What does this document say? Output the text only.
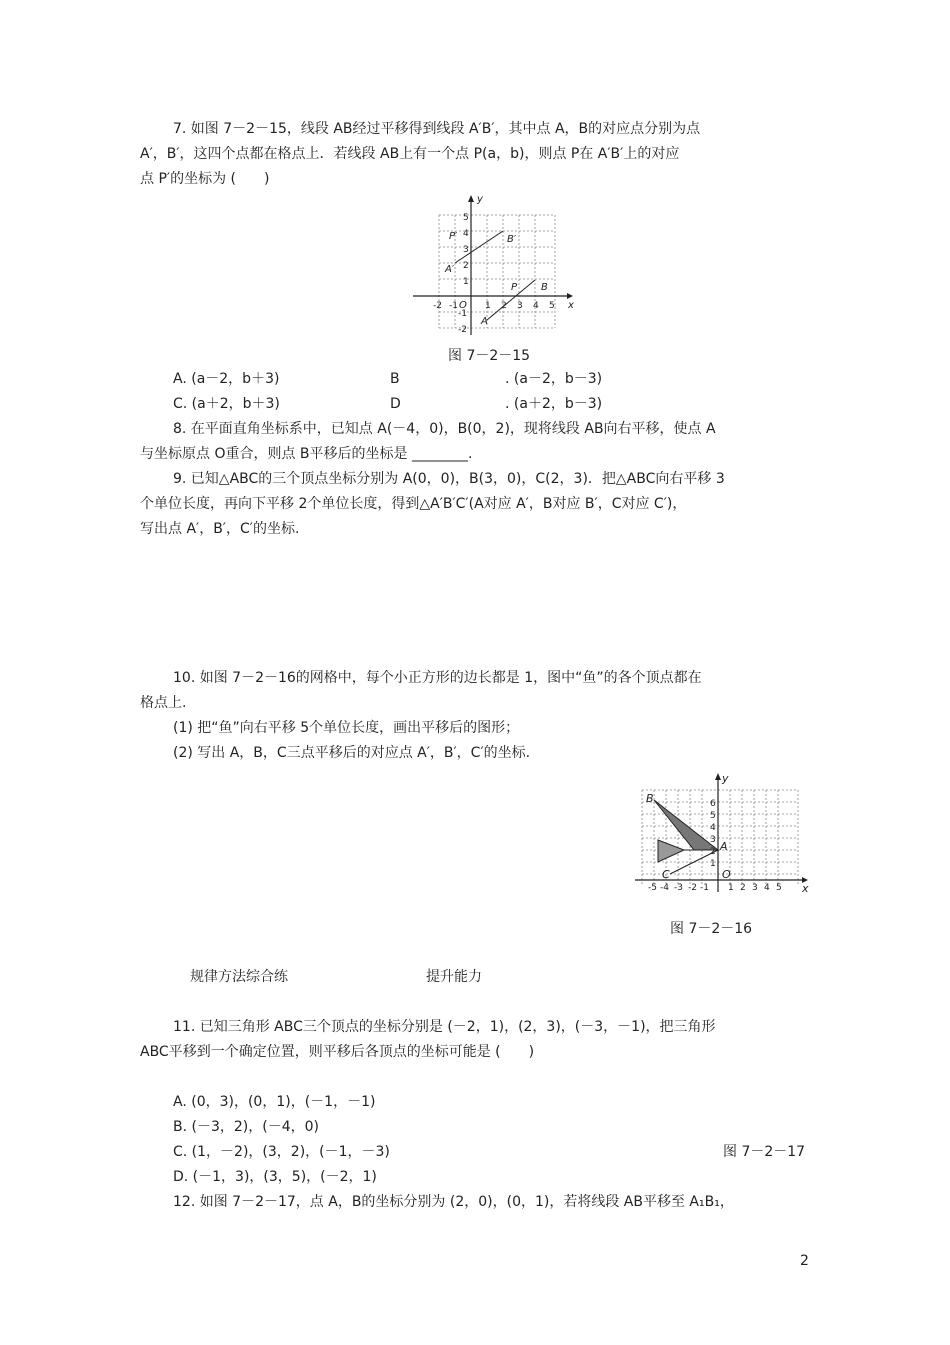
7. 如图 7－2－15，线段 AB经过平移得到线段 A′B′，其中点 A，B的对应点分别为点
A′，B′，这四个点都在格点上．若线段 AB上有一个点 P(a，b)，则点 P在 A′B′上的对应
点 P′的坐标为 (　　)
y
x
O
A′
B′
P′
A
B
P
5
4
3
2
1
-1
-2
-2 -1	1 2 3 4 5
图 7－2－15
A. (a－2，b＋3)	B	. (a－2，b－3)
C. (a＋2，b＋3)	D	. (a＋2，b－3)
8. 在平面直角坐标系中，已知点 A(－4，0)，B(0，2)，现将线段 AB向右平移，使点 A
与坐标原点 O重合，则点 B平移后的坐标是 ________.
9. 已知△ABC的三个顶点坐标分别为 A(0，0)，B(3，0)，C(2，3)．把△ABC向右平移 3
个单位长度，再向下平移 2个单位长度，得到△A′B′C′(A对应 A′，B对应 B′，C对应 C′)，
写出点 A′，B′，C′的坐标.
10. 如图 7－2－16的网格中，每个小正方形的边长都是 1，图中“鱼”的各个顶点都在
格点上.
(1) 把“鱼”向右平移 5个单位长度，画出平移后的图形；
(2) 写出 A，B，C三点平移后的对应点 A′，B′，C′的坐标.
y
x
O
A
B
C
6
5
4
3
2
1
-5 -4 -3 -2 -1 1 2 3 4 5
图 7－2－16
规律方法综合练	提升能力
11. 已知三角形 ABC三个顶点的坐标分别是 (－2，1)，(2，3)，(－3，－1)，把三角形
ABC平移到一个确定位置，则平移后各顶点的坐标可能是 (　　)
A. (0，3)，(0，1)，(－1，－1)
B. (－3，2)，(－4，0)
C. (1，－2)，(3，2)，(－1，－3)	图 7－2－17
D. (－1，3)，(3，5)，(－2，1)
12. 如图 7－2－17，点 A，B的坐标分别为 (2，0)，(0，1)，若将线段 AB平移至 A₁B₁，
2
